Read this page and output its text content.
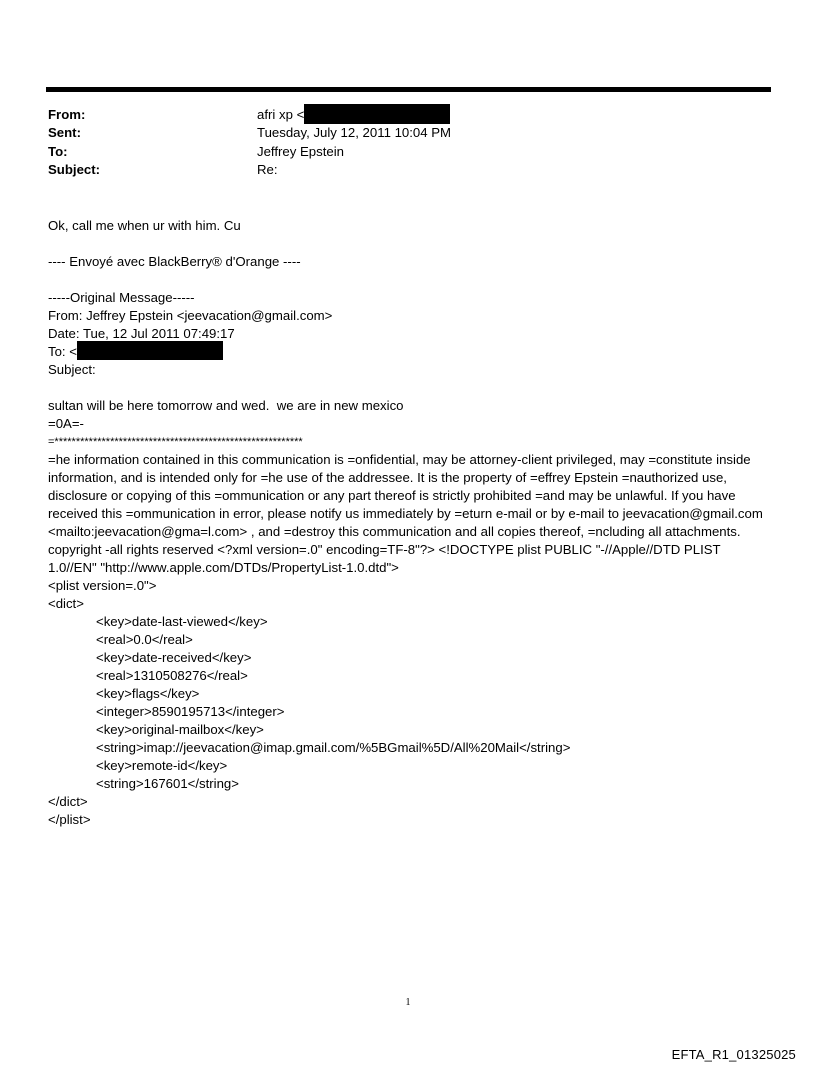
From:	afri xp <
Sent:	Tuesday, July 12, 2011 10:04 PM
To:	Jeffrey Epstein
Subject:	Re:
Ok, call me when ur with him. Cu
---- Envoyé avec BlackBerry® d'Orange ----
-----Original Message-----
From: Jeffrey Epstein <jeevacation@gmail.com>
Date: Tue, 12 Jul 2011 07:49:17
To: <
Subject:
sultan will be here tomorrow and wed.  we are in new mexico
=0A=-
=**********************************************************
=he information contained in this communication is =onfidential, may be attorney-client privileged, may =constitute inside information, and is intended only for =he use of the addressee. It is the property of =effrey Epstein =nauthorized use, disclosure or copying of this =ommunication or any part thereof is strictly prohibited =and may be unlawful. If you have received this =ommunication in error, please notify us immediately by =eturn e-mail or by e-mail to jeevacation@gmail.com <mailto:jeevacation@gma=l.com> , and =destroy this communication and all copies thereof, =ncluding all attachments. copyright -all rights reserved <?xml version=.0" encoding=TF-8"?> <!DOCTYPE plist PUBLIC "-//Apple//DTD PLIST 1.0//EN" "http://www.apple.com/DTDs/PropertyList-1.0.dtd">
<plist version=.0">
<dict>
<key>date-last-viewed</key>
<real>0.0</real>
<key>date-received</key>
<real>1310508276</real>
<key>flags</key>
<integer>8590195713</integer>
<key>original-mailbox</key>
<string>imap://jeevacation@imap.gmail.com/%5BGmail%5D/All%20Mail</string>
<key>remote-id</key>
<string>167601</string>
</dict>
</plist>
1
EFTA_R1_01325025
